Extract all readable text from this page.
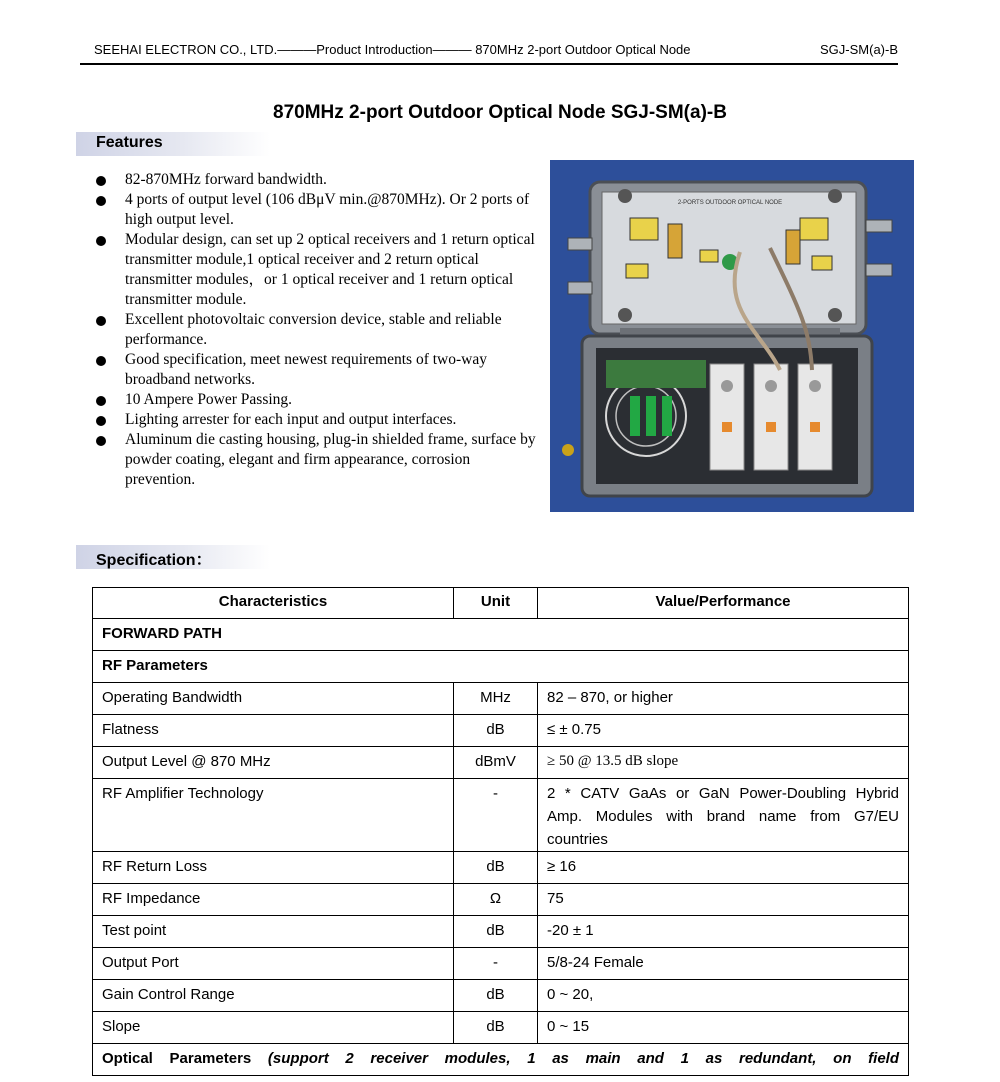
SEEHAI ELECTRON CO., LTD.———Product Introduction——— 870MHz 2-port Outdoor Optical Node	SGJ-SM(a)-B
870MHz 2-port Outdoor Optical Node SGJ-SM(a)-B
Features
82-870MHz forward bandwidth.
4 ports of output level (106 dBμV min.@870MHz). Or 2 ports of high output level.
Modular design, can set up 2 optical receivers and 1 return optical transmitter module,1 optical receiver and 2 return optical transmitter modules，or 1 optical receiver and 1 return optical transmitter module.
Excellent photovoltaic conversion device, stable and reliable performance.
Good specification, meet newest requirements of two-way broadband networks.
10 Ampere Power Passing.
Lighting arrester for each input and output interfaces.
Aluminum die casting housing, plug-in shielded frame, surface by powder coating, elegant and firm appearance, corrosion prevention.
2-PORTS OUTDOOR OPTICAL NODE
Specification：
Characteristics	Unit	Value/Performance
FORWARD PATH		
RF Parameters		
Operating Bandwidth	MHz	82 – 870, or higher
Flatness	dB	≤ ± 0.75
Output Level @ 870 MHz	dBmV	≥ 50 @ 13.5 dB slope
RF Amplifier Technology	-	2 * CATV GaAs or GaN Power-Doubling Hybrid Amp. Modules with brand name from G7/EU countries
RF Return Loss	dB	≥ 16
RF Impedance	Ω	75
Test point	dB	-20 ± 1
Output Port	-	5/8-24 Female
Gain Control Range	dB	0 ~ 20,
Slope	dB	0 ~ 15
Optical Parameters (support 2 receiver modules, 1 as main and 1 as redundant, on field		
